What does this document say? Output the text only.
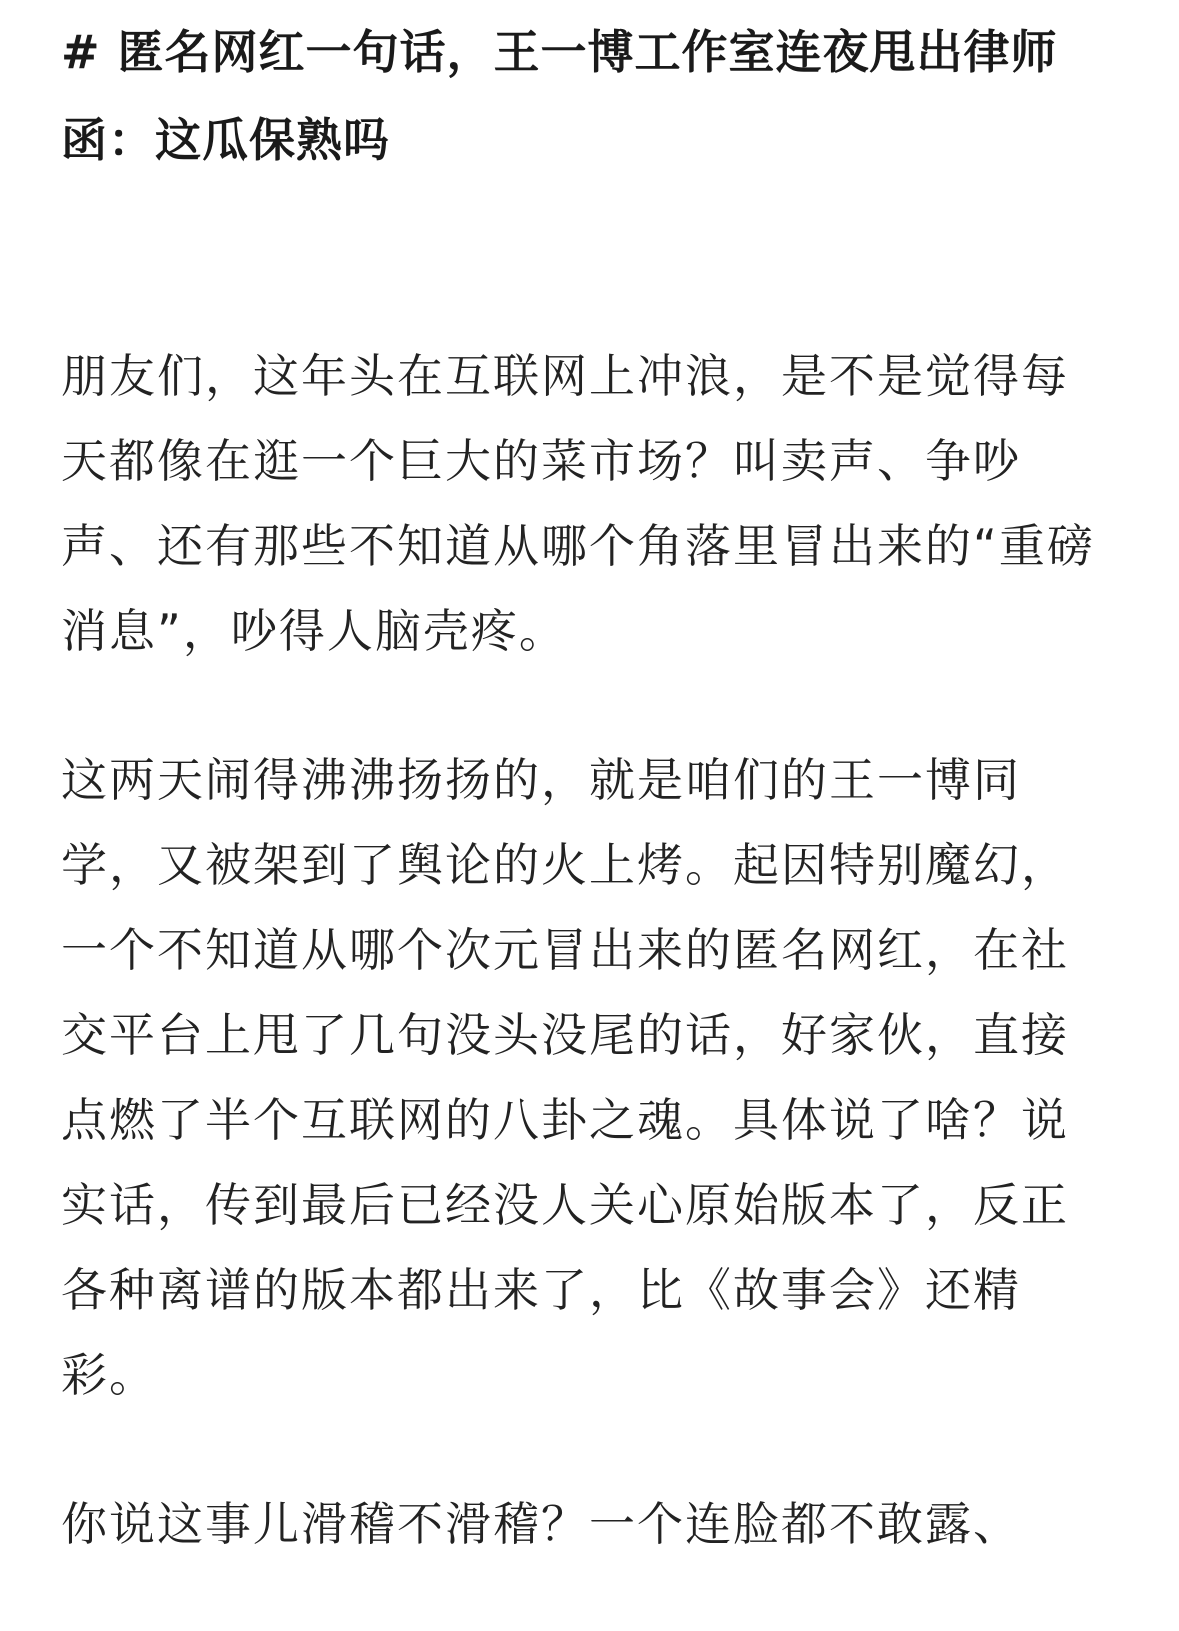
# 匿名网红一句话，王一博工作室连夜甩出律师函：这瓜保熟吗

朋友们，这年头在互联网上冲浪，是不是觉得每天都像在逛一个巨大的菜市场？叫卖声、争吵声、还有那些不知道从哪个角落里冒出来的“重磅消息”，吵得人脑壳疼。

这两天闹得沸沸扬扬的，就是咱们的王一博同学，又被架到了舆论的火上烤。起因特别魔幻，一个不知道从哪个次元冒出来的匿名网红，在社交平台上甩了几句没头没尾的话，好家伙，直接点燃了半个互联网的八卦之魂。具体说了啥？说实话，传到最后已经没人关心原始版本了，反正各种离谱的版本都出来了，比《故事会》还精彩。

你说这事儿滑稽不滑稽？一个连脸都不敢露、
